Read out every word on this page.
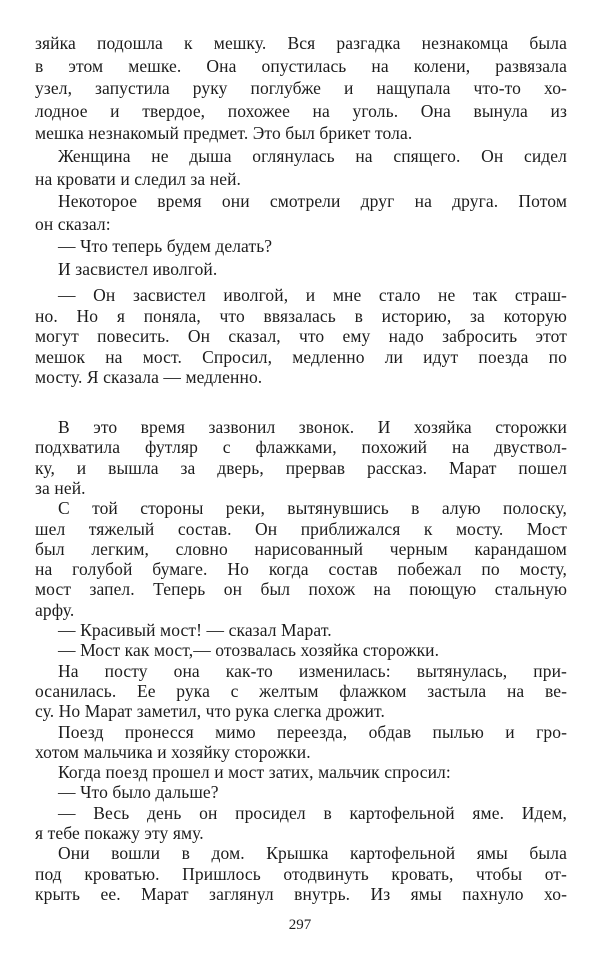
зяйка подошла к мешку. Вся разгадка незнакомца была
в этом мешке. Она опустилась на колени, развязала
узел, запустила руку поглубже и нащупала что-то хо-
лодное и твердое, похожее на уголь. Она вынула из
мешка незнакомый предмет. Это был брикет тола.
Женщина не дыша оглянулась на спящего. Он сидел
на кровати и следил за ней.
Некоторое время они смотрели друг на друга. Потом
он сказал:
— Что теперь будем делать?
И засвистел иволгой.
— Он засвистел иволгой, и мне стало не так страш-
но. Но я поняла, что ввязалась в историю, за которую
могут повесить. Он сказал, что ему надо забросить этот
мешок на мост. Спросил, медленно ли идут поезда по
мосту. Я сказала — медленно.
В это время зазвонил звонок. И хозяйка сторожки
подхватила футляр с флажками, похожий на двуствол-
ку, и вышла за дверь, прервав рассказ. Марат пошел
за ней.
С той стороны реки, вытянувшись в алую полоску,
шел тяжелый состав. Он приближался к мосту. Мост
был легким, словно нарисованный черным карандашом
на голубой бумаге. Но когда состав побежал по мосту,
мост запел. Теперь он был похож на поющую стальную
арфу.
— Красивый мост! — сказал Марат.
— Мост как мост,— отозвалась хозяйка сторожки.
На посту она как-то изменилась: вытянулась, при-
осанилась. Ее рука с желтым флажком застыла на ве-
су. Но Марат заметил, что рука слегка дрожит.
Поезд пронесся мимо переезда, обдав пылью и гро-
хотом мальчика и хозяйку сторожки.
Когда поезд прошел и мост затих, мальчик спросил:
— Что было дальше?
— Весь день он просидел в картофельной яме. Идем,
я тебе покажу эту яму.
Они вошли в дом. Крышка картофельной ямы была
под кроватью. Пришлось отодвинуть кровать, чтобы от-
крыть ее. Марат заглянул внутрь. Из ямы пахнуло хо-
297
